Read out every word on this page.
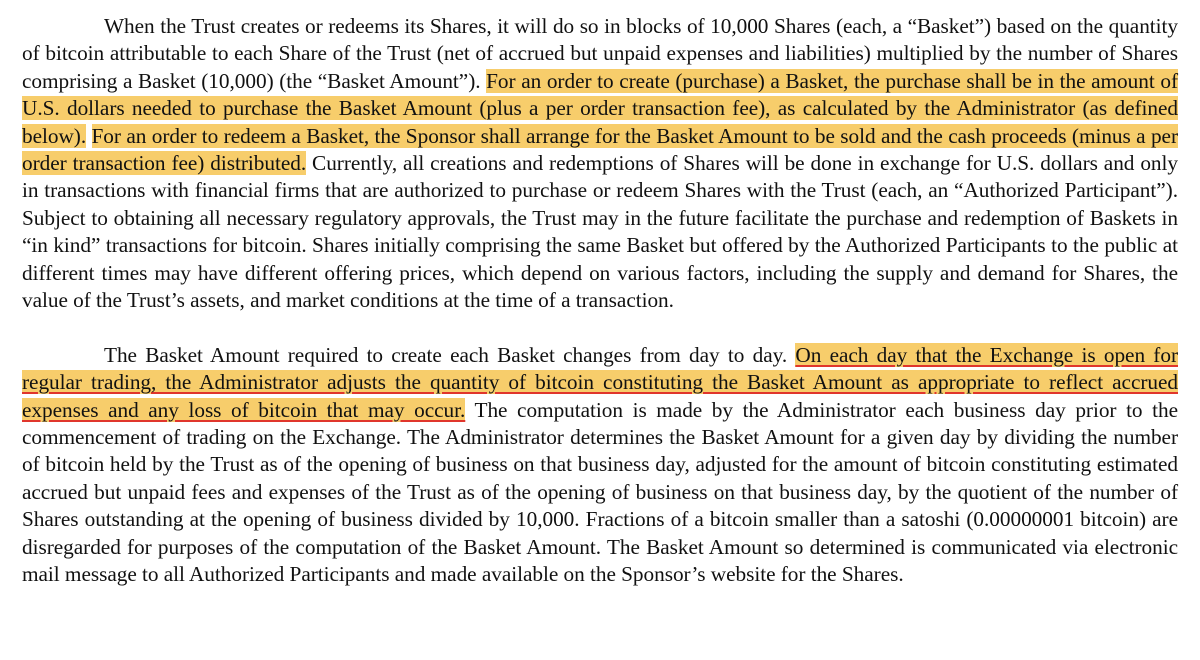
When the Trust creates or redeems its Shares, it will do so in blocks of 10,000 Shares (each, a “Basket”) based on the quantity of bitcoin attributable to each Share of the Trust (net of accrued but unpaid expenses and liabilities) multiplied by the number of Shares comprising a Basket (10,000) (the “Basket Amount”). For an order to create (purchase) a Basket, the purchase shall be in the amount of U.S. dollars needed to purchase the Basket Amount (plus a per order transaction fee), as calculated by the Administrator (as defined below). For an order to redeem a Basket, the Sponsor shall arrange for the Basket Amount to be sold and the cash proceeds (minus a per order transaction fee) distributed. Currently, all creations and redemptions of Shares will be done in exchange for U.S. dollars and only in transactions with financial firms that are authorized to purchase or redeem Shares with the Trust (each, an “Authorized Participant”). Subject to obtaining all necessary regulatory approvals, the Trust may in the future facilitate the purchase and redemption of Baskets in “in kind” transactions for bitcoin. Shares initially comprising the same Basket but offered by the Authorized Participants to the public at different times may have different offering prices, which depend on various factors, including the supply and demand for Shares, the value of the Trust’s assets, and market conditions at the time of a transaction.

The Basket Amount required to create each Basket changes from day to day. On each day that the Exchange is open for regular trading, the Administrator adjusts the quantity of bitcoin constituting the Basket Amount as appropriate to reflect accrued expenses and any loss of bitcoin that may occur. The computation is made by the Administrator each business day prior to the commencement of trading on the Exchange. The Administrator determines the Basket Amount for a given day by dividing the number of bitcoin held by the Trust as of the opening of business on that business day, adjusted for the amount of bitcoin constituting estimated accrued but unpaid fees and expenses of the Trust as of the opening of business on that business day, by the quotient of the number of Shares outstanding at the opening of business divided by 10,000. Fractions of a bitcoin smaller than a satoshi (0.00000001 bitcoin) are disregarded for purposes of the computation of the Basket Amount. The Basket Amount so determined is communicated via electronic mail message to all Authorized Participants and made available on the Sponsor’s website for the Shares.
